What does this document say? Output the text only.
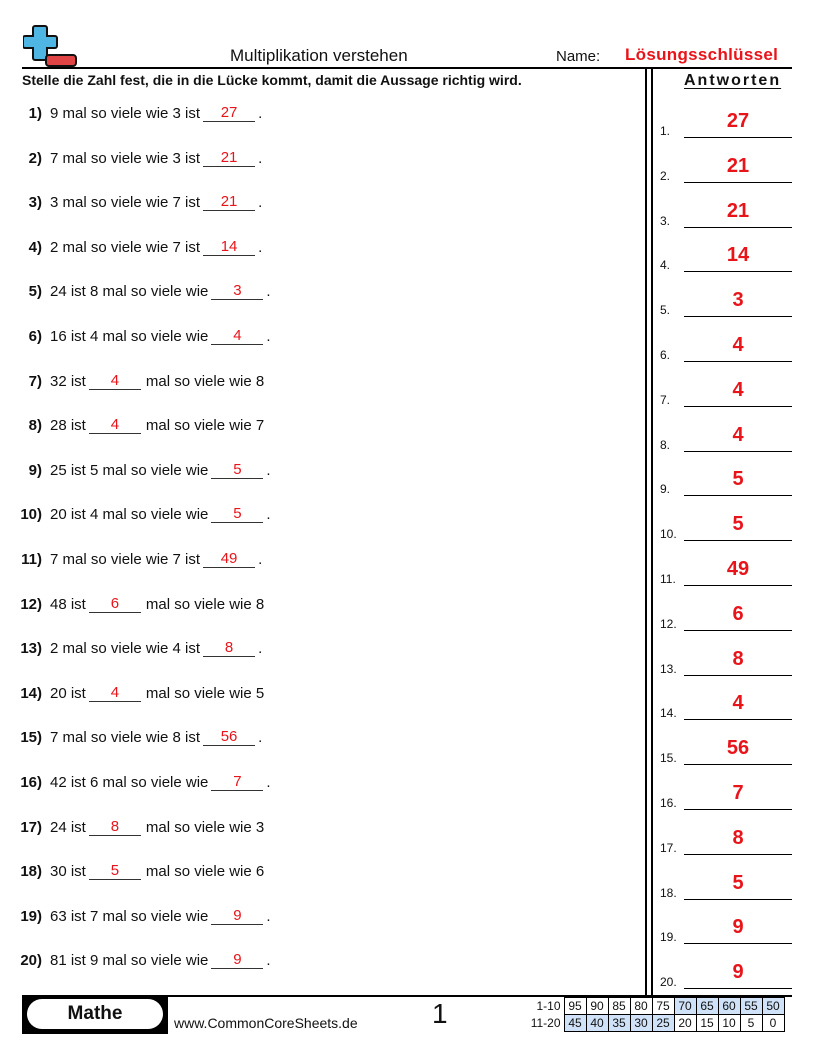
Multiplikation verstehen	Name: Lösungsschlüssel
Stelle die Zahl fest, die in die Lücke kommt, damit die Aussage richtig wird.	Antworten
1) 9 mal so viele wie 3 ist	27	.
2) 7 mal so viele wie 3 ist	21	.
3) 3 mal so viele wie 7 ist	21	.
4) 2 mal so viele wie 7 ist	14	.
5) 24 ist 8 mal so viele wie	3	.
6) 16 ist 4 mal so viele wie	4	.
7) 32 ist	4	mal so viele wie 8
8) 28 ist	4	mal so viele wie 7
9) 25 ist 5 mal so viele wie	5	.
10) 20 ist 4 mal so viele wie	5	.
11) 7 mal so viele wie 7 ist	49	.
12) 48 ist	6	mal so viele wie 8
13) 2 mal so viele wie 4 ist	8	.
14) 20 ist	4	mal so viele wie 5
15) 7 mal so viele wie 8 ist	56	.
16) 42 ist 6 mal so viele wie	7	.
17) 24 ist	8	mal so viele wie 3
18) 30 ist	5	mal so viele wie 6
19) 63 ist 7 mal so viele wie	9	.
20) 81 ist 9 mal so viele wie	9	.
1.	27
2.	21
3.	21
4.	14
5.	3
6.	4
7.	4
8.	4
9.	5
10.	5
11.	49
12.	6
13.	8
14.	4
15.	56
16.	7
17.	8
18.	5
19.	9
20.	9
Mathe	www.CommonCoreSheets.de	1	1-10	95	90	85	80	75	70	65	60	55	50
11-20	45	40	35	30	25	20	15	10	5	0
